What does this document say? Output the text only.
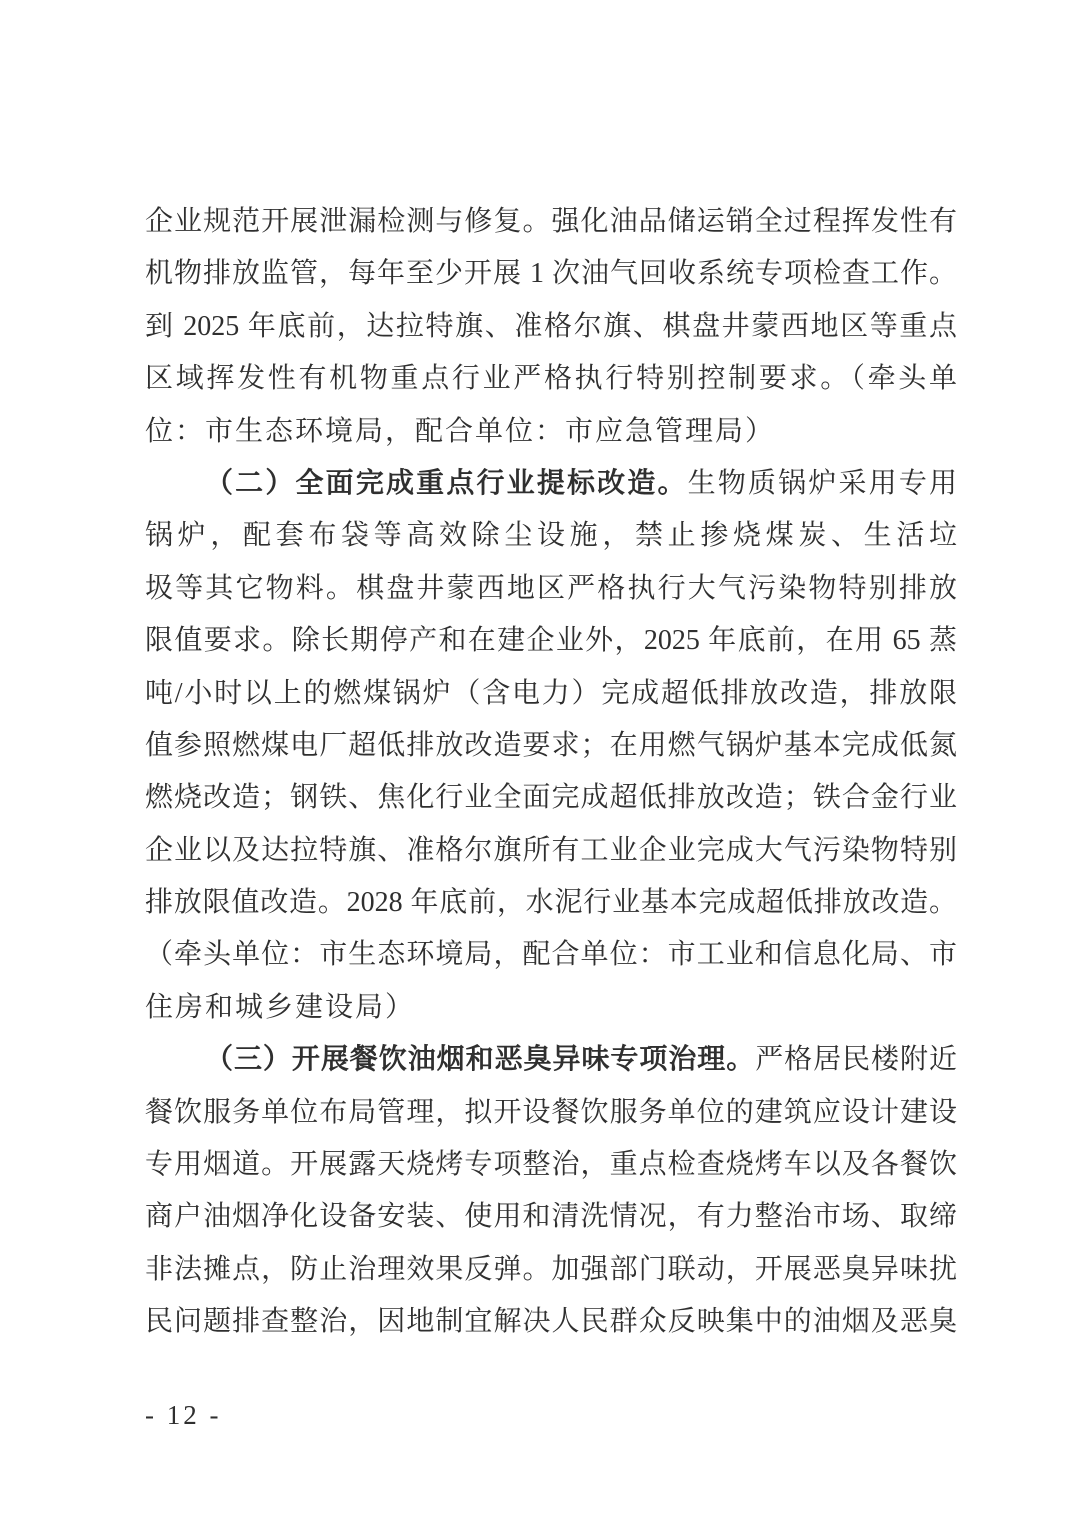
企业规范开展泄漏检测与修复。强化油品储运销全过程挥发性有
机物排放监管，每年至少开展 1 次油气回收系统专项检查工作。
到 2025 年底前，达拉特旗、准格尔旗、棋盘井蒙西地区等重点
区域挥发性有机物重点行业严格执行特别控制要求。（牵头单
位：市生态环境局，配合单位：市应急管理局）
（二）全面完成重点行业提标改造。生物质锅炉采用专用
锅炉，配套布袋等高效除尘设施，禁止掺烧煤炭、生活垃
圾等其它物料。棋盘井蒙西地区严格执行大气污染物特别排放
限值要求。除长期停产和在建企业外，2025 年底前，在用 65 蒸
吨/小时以上的燃煤锅炉（含电力）完成超低排放改造，排放限
值参照燃煤电厂超低排放改造要求；在用燃气锅炉基本完成低氮
燃烧改造；钢铁、焦化行业全面完成超低排放改造；铁合金行业
企业以及达拉特旗、准格尔旗所有工业企业完成大气污染物特别
排放限值改造。2028 年底前，水泥行业基本完成超低排放改造。
（牵头单位：市生态环境局，配合单位：市工业和信息化局、市
住房和城乡建设局）
（三）开展餐饮油烟和恶臭异味专项治理。严格居民楼附近
餐饮服务单位布局管理，拟开设餐饮服务单位的建筑应设计建设
专用烟道。开展露天烧烤专项整治，重点检查烧烤车以及各餐饮
商户油烟净化设备安装、使用和清洗情况，有力整治市场、取缔
非法摊点，防止治理效果反弹。加强部门联动，开展恶臭异味扰
民问题排查整治，因地制宜解决人民群众反映集中的油烟及恶臭
- 12 -
